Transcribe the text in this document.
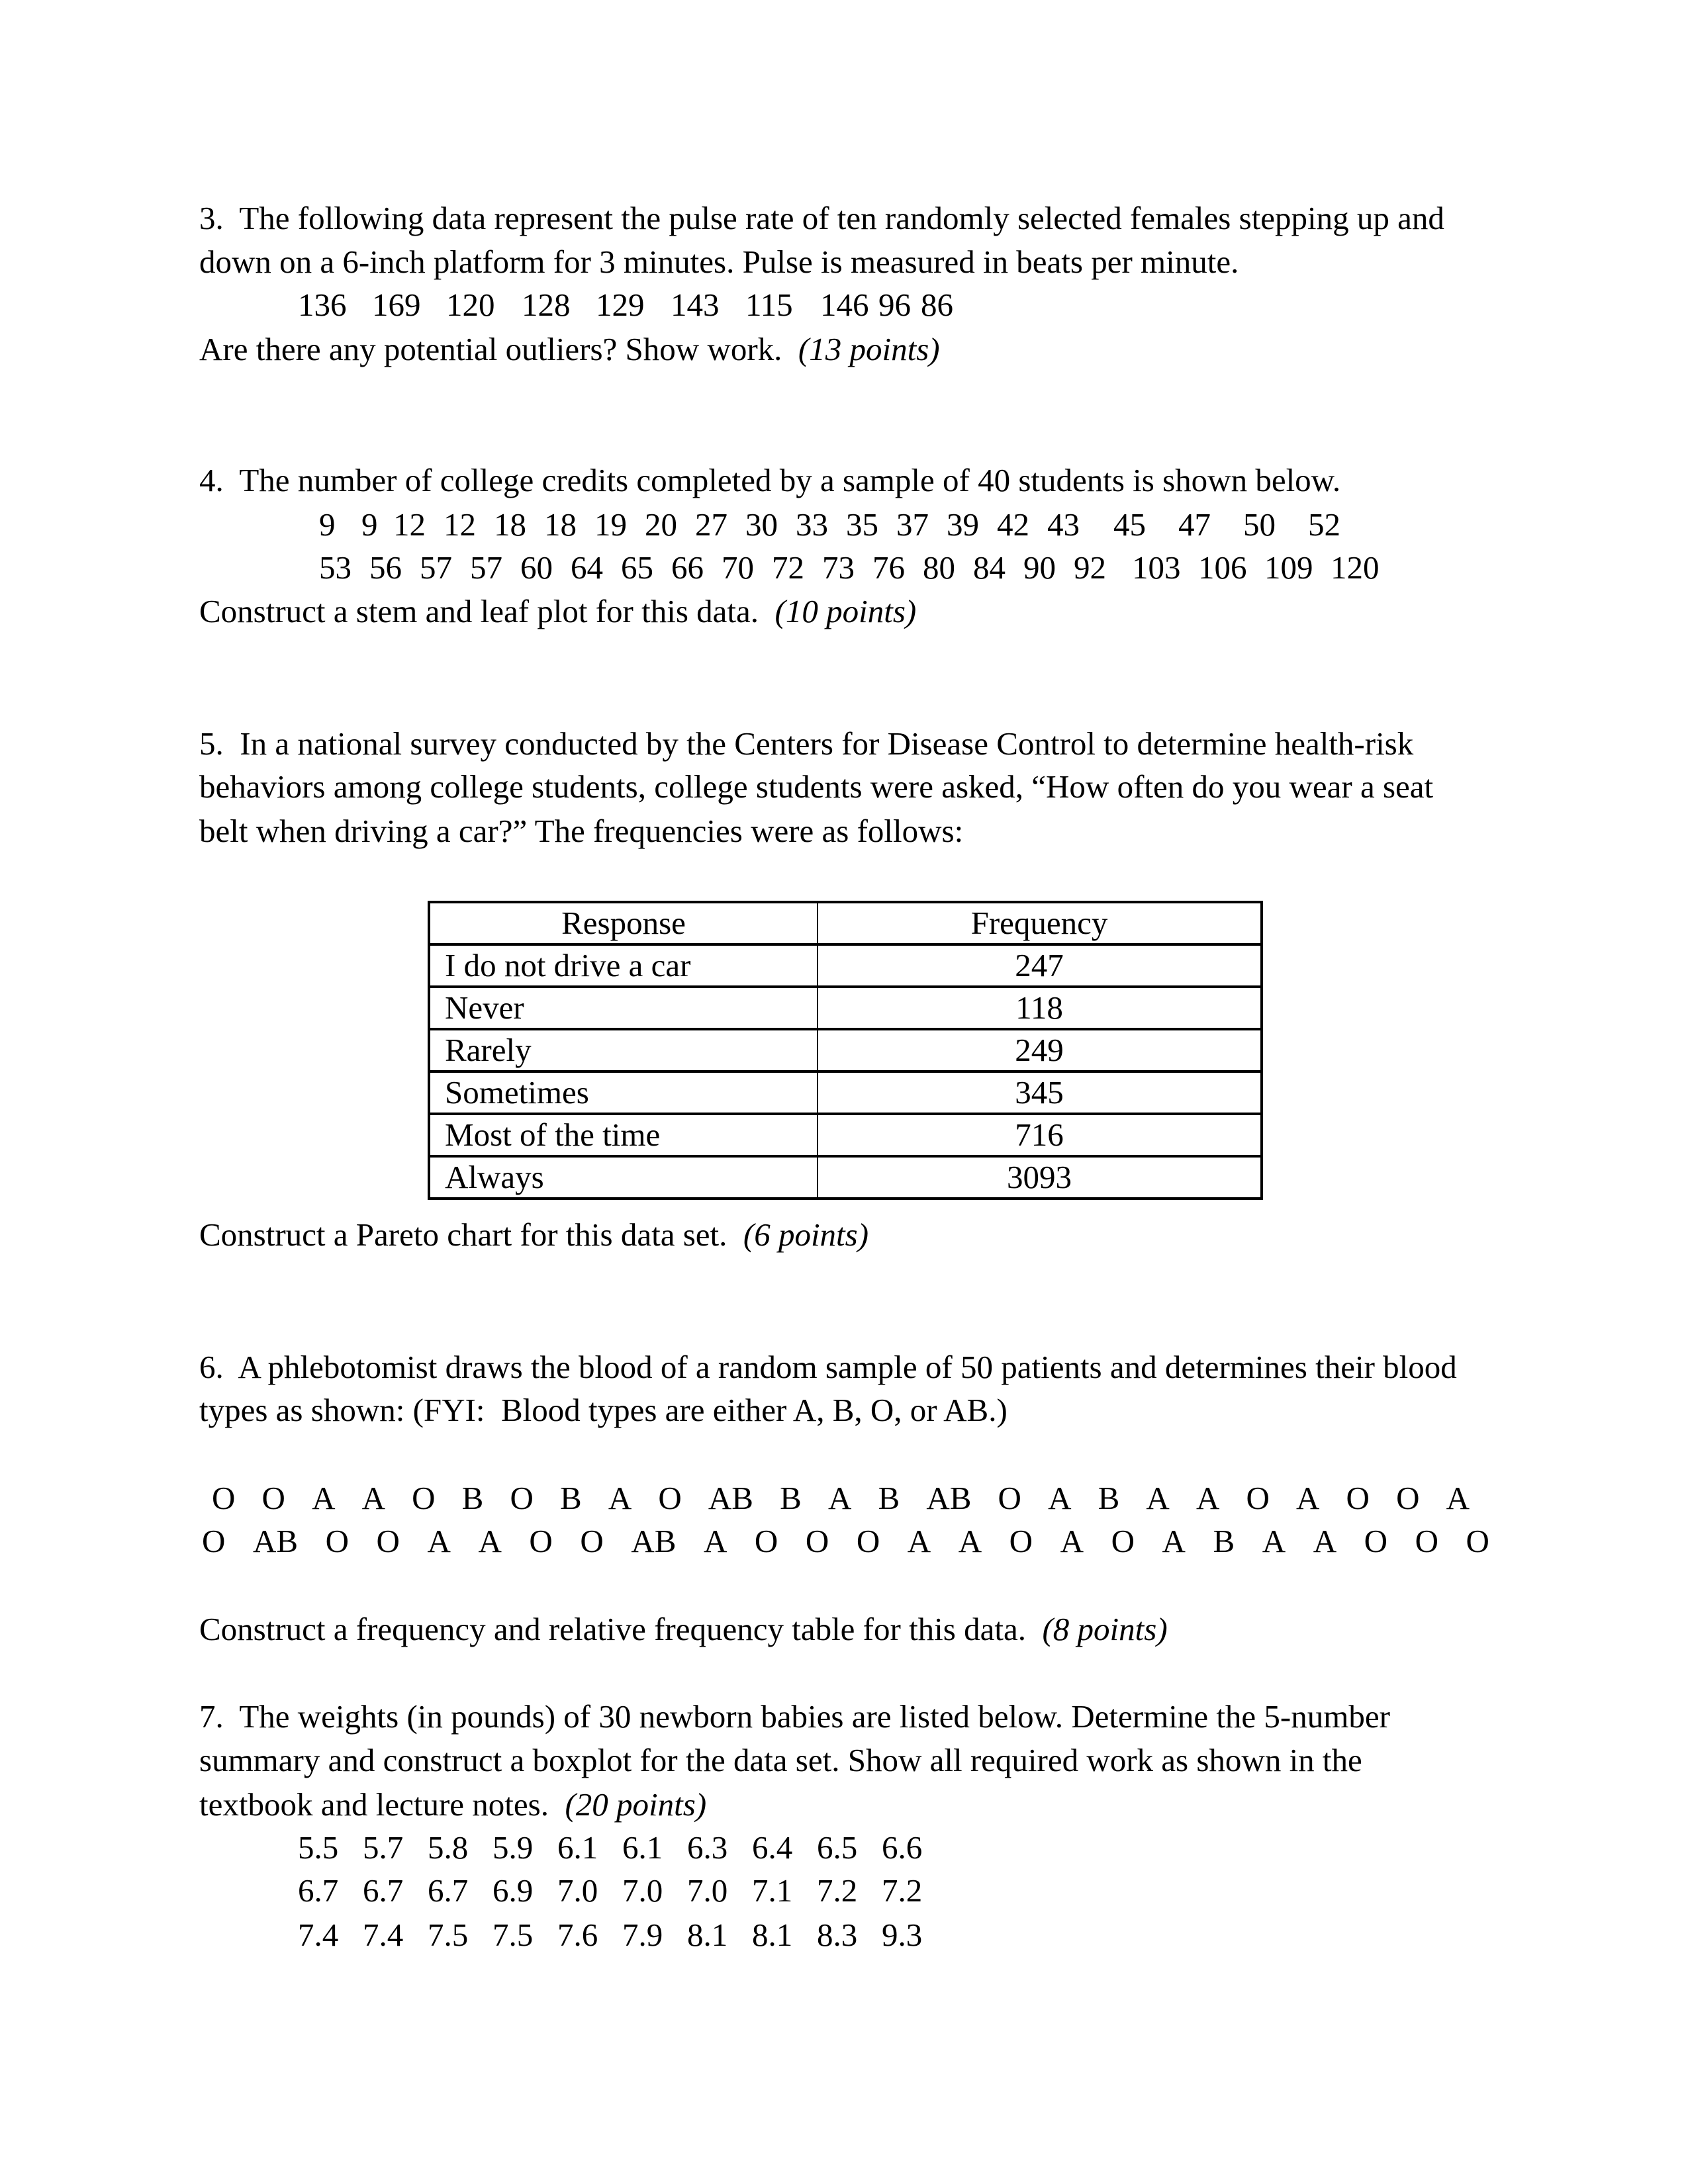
3.  The following data represent the pulse rate of ten randomly selected females stepping up and
down on a 6-inch platform for 3 minutes. Pulse is measured in beats per minute.
136 169 120 128 129 143 115 146 96 86
Are there any potential outliers? Show work.  (13 points)
4.  The number of college credits completed by a sample of 40 students is shown below.
9 9 12 12 18 18 19 20 27 30 33 35 37 39 42 43	45	47	50	52
53 56 57 57 60 64 65 66 70 72 73 76 80 84 90 92 103 106 109 120
Construct a stem and leaf plot for this data.  (10 points)
5.  In a national survey conducted by the Centers for Disease Control to determine health-risk
behaviors among college students, college students were asked, “How often do you wear a seat
belt when driving a car?” The frequencies were as follows:
Response	Frequency
I do not drive a car	247
Never	118
Rarely	249
Sometimes	345
Most of the time	716
Always	3093
Construct a Pareto chart for this data set.  (6 points)
6.  A phlebotomist draws the blood of a random sample of 50 patients and determines their blood
types as shown: (FYI:  Blood types are either A, B, O, or AB.)
O O A A O B O B A O AB B A B AB O A B A A O A O O A
O AB O O A A O O AB A O O O A A O A O A B A A O O O
Construct a frequency and relative frequency table for this data.  (8 points)
7.  The weights (in pounds) of 30 newborn babies are listed below. Determine the 5-number
summary and construct a boxplot for the data set. Show all required work as shown in the
textbook and lecture notes.  (20 points)
5.5 5.7 5.8 5.9 6.1 6.1 6.3 6.4 6.5 6.6
6.7 6.7 6.7 6.9 7.0 7.0 7.0 7.1 7.2 7.2
7.4 7.4 7.5 7.5 7.6 7.9 8.1 8.1 8.3 9.3
